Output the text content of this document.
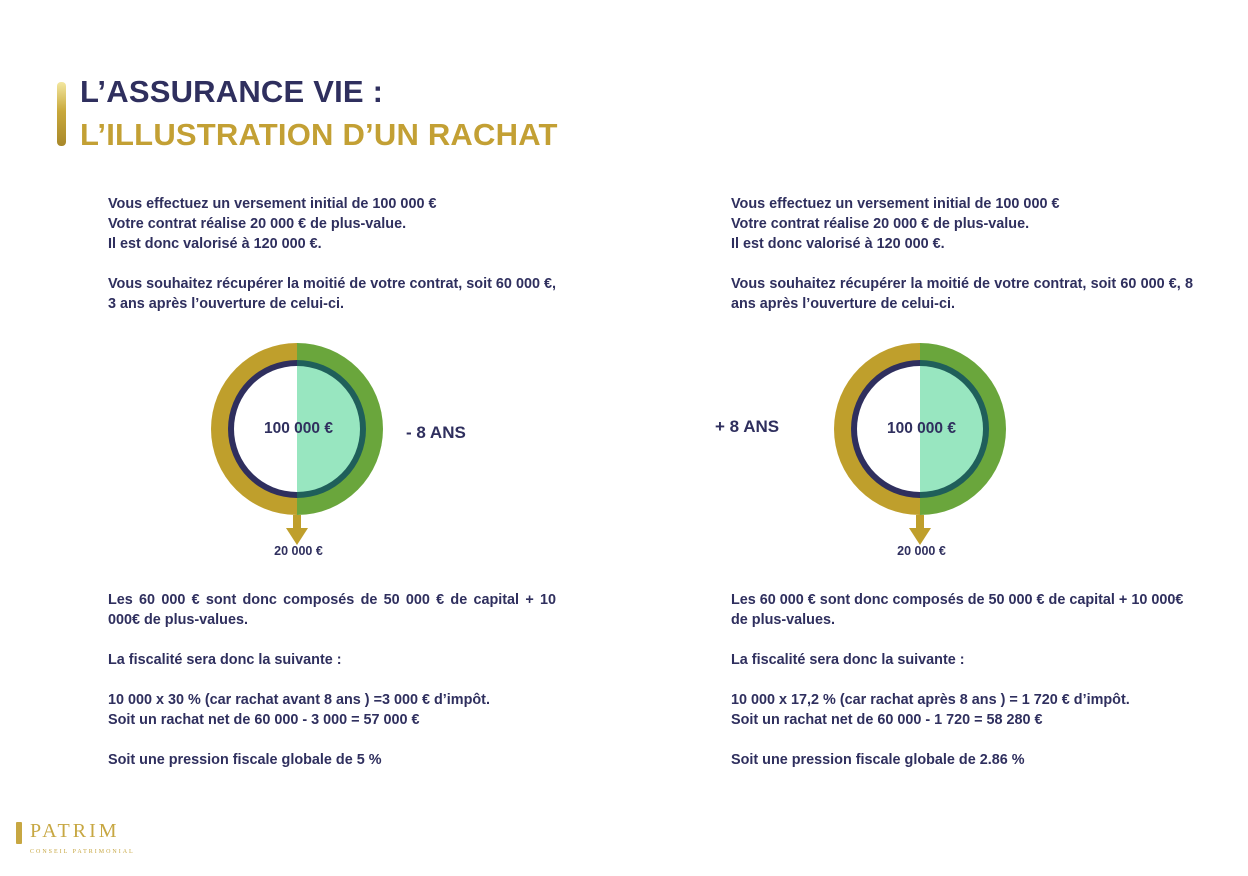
L’ASSURANCE VIE :
L’ILLUSTRATION D’UN RACHAT

Vous effectuez un versement initial de 100 000 €

Votre contrat réalise 20 000 € de plus-value.

Il est donc valorisé à 120 000 €.

Vous souhaitez récupérer la moitié de votre contrat, soit 60 000 €, 3 ans après l’ouverture de celui-ci.

100 000 €
20 000 €
- 8 ANS

Les 60 000 € sont donc composés de 50 000 € de capital + 10 000€ de plus-values.

La fiscalité sera donc la suivante :

10 000 x 30 % (car rachat avant 8 ans ) =3 000 € d’impôt.

Soit un rachat net de 60 000 - 3 000 = 57 000 €

Soit une pression fiscale globale de 5 %

Vous effectuez un versement initial de 100 000 €

Votre contrat réalise 20 000 € de plus-value.

Il est donc valorisé à 120 000 €.

Vous souhaitez récupérer la moitié de votre contrat, soit 60 000 €, 8 ans après l’ouverture de celui-ci.

100 000 €
20 000 €
+ 8 ANS

Les 60 000 € sont donc composés de 50 000 € de capital + 10 000€ de plus-values.

La fiscalité sera donc la suivante :

10 000 x 17,2 % (car rachat après 8 ans ) = 1 720 € d’impôt.

Soit un rachat net de 60 000 - 1 720 = 58 280 €

Soit une pression fiscale globale de 2.86 %

PATRIM
CONSEIL PATRIMONIAL
